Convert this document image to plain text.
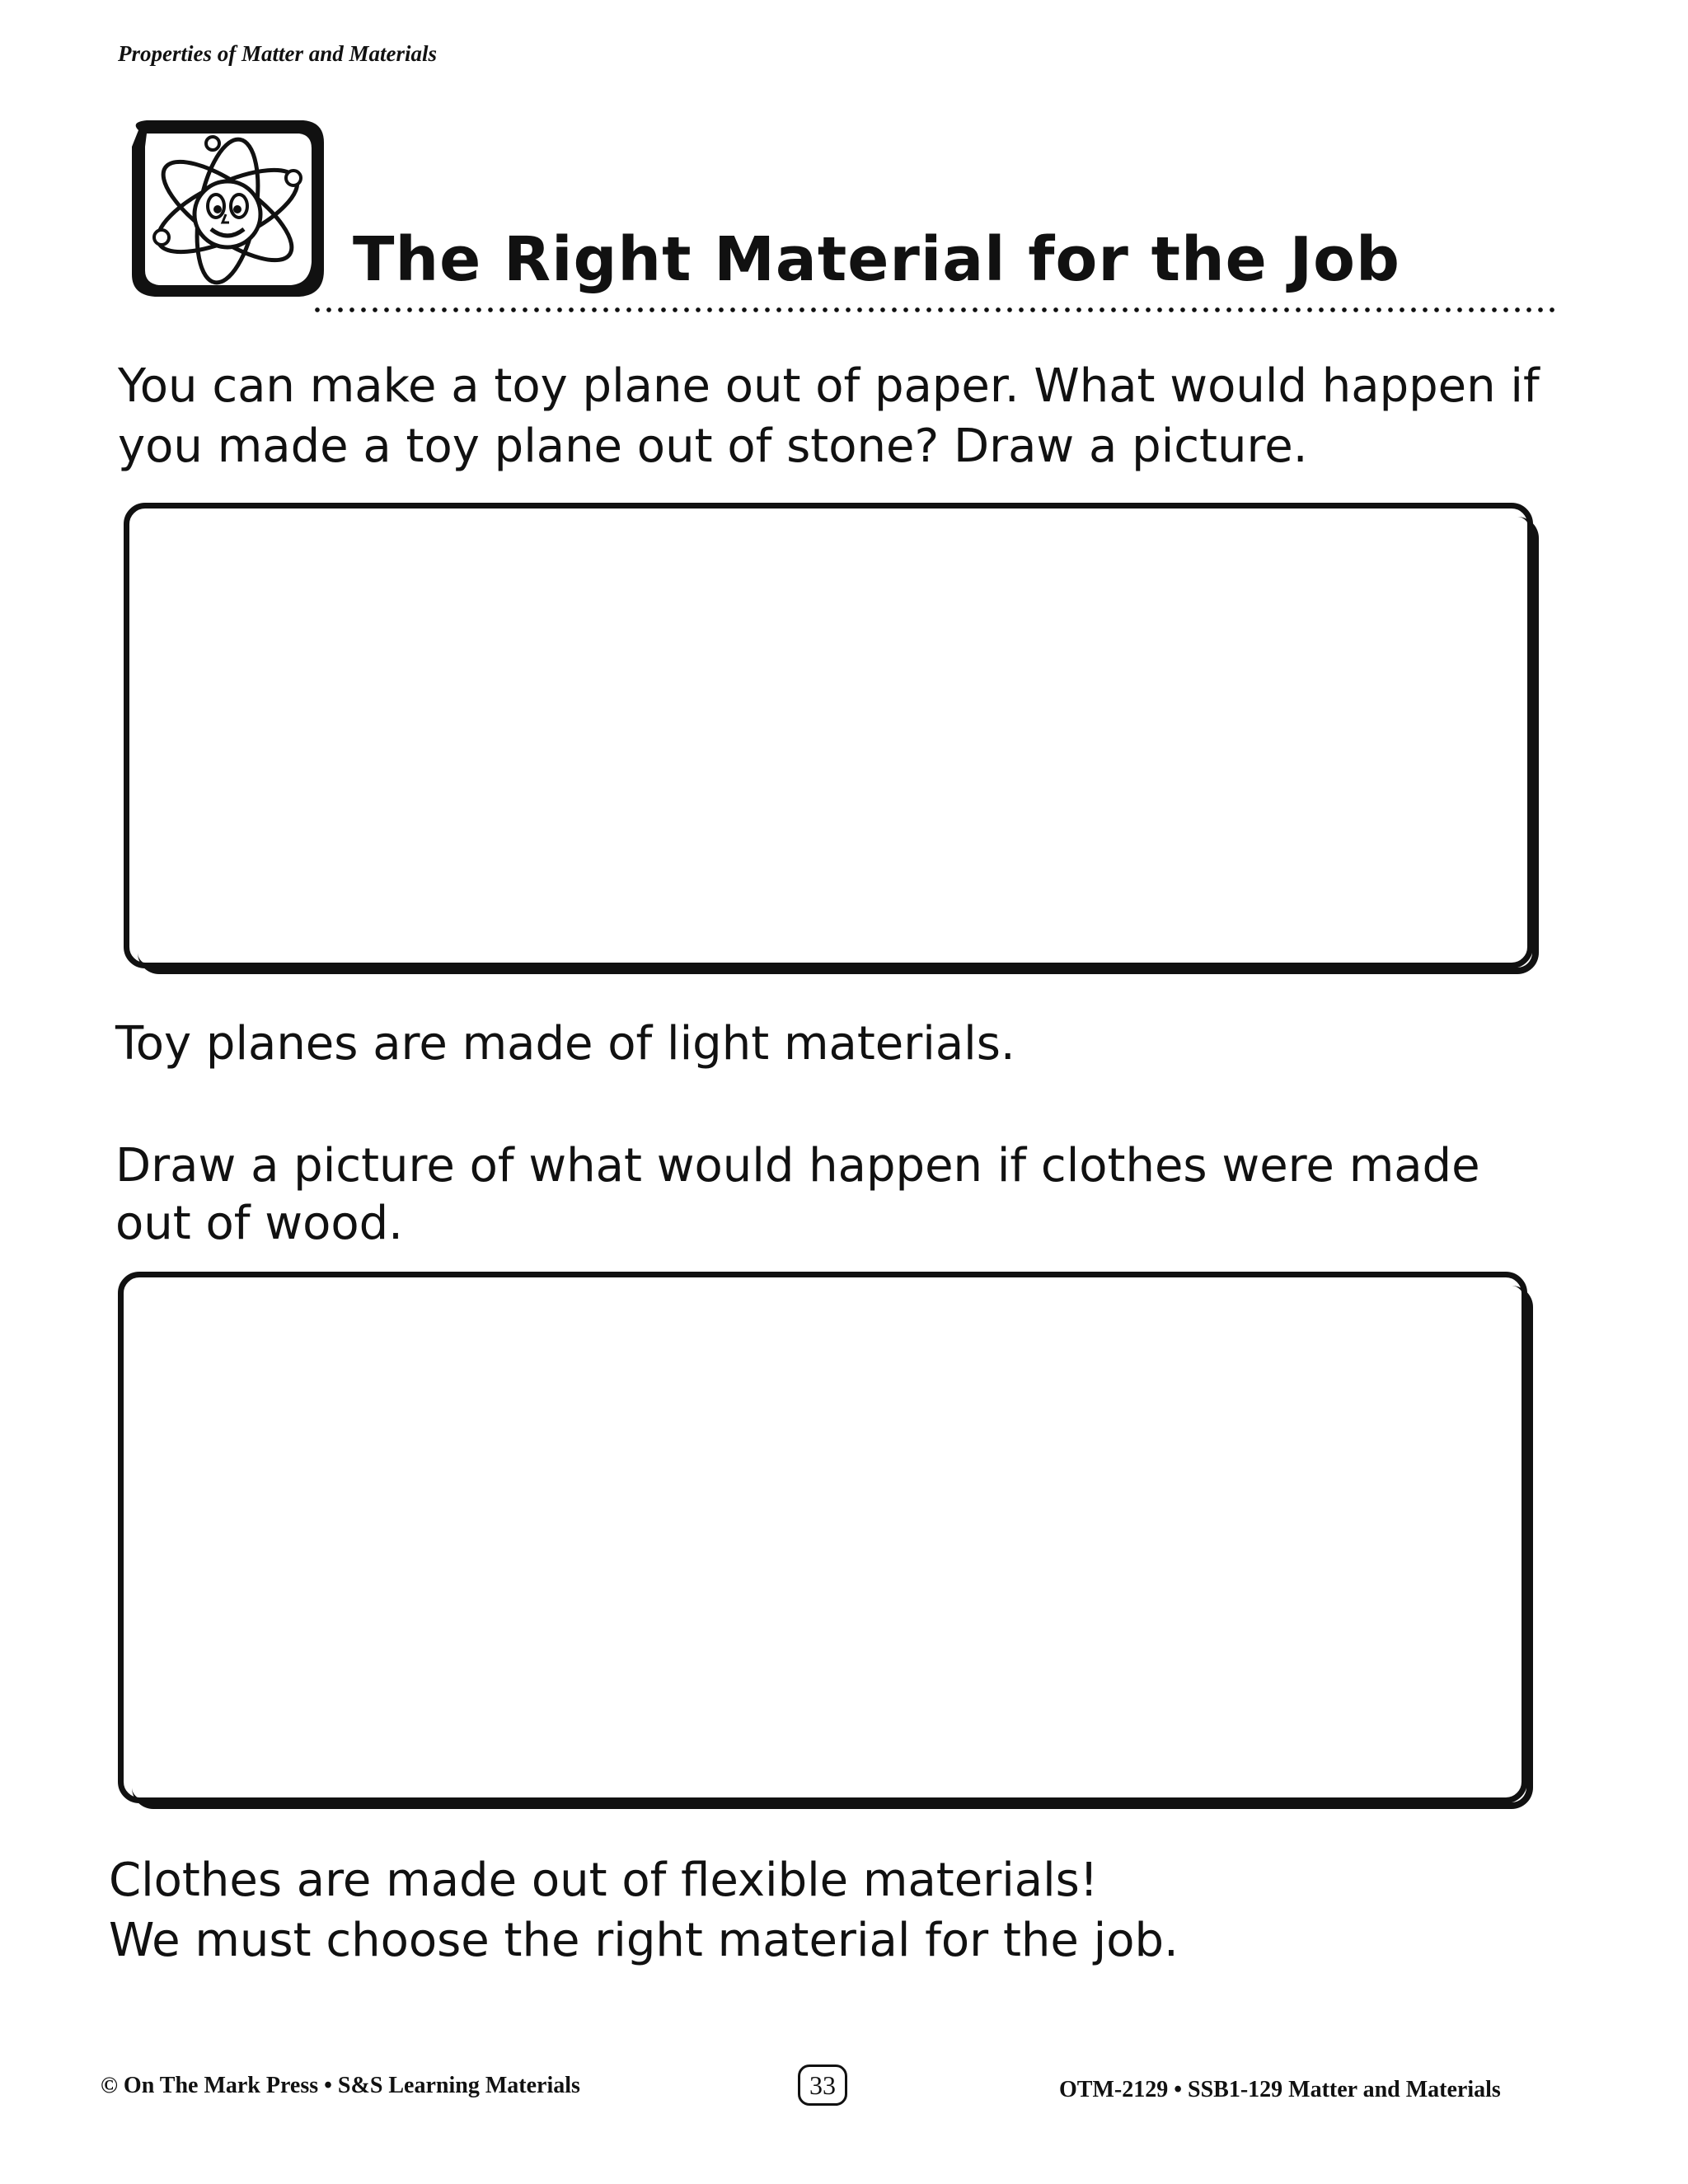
Properties of Matter and Materials
The Right Material for the Job
You can make a toy plane out of paper. What would happen if
you made a toy plane out of stone? Draw a picture.
Toy planes are made of light materials.
Draw a picture of what would happen if clothes were made
out of wood.
Clothes are made out of flexible materials!
We must choose the right material for the job.
© On The Mark Press • S&S Learning Materials	33	OTM-2129 • SSB1-129 Matter and Materials
